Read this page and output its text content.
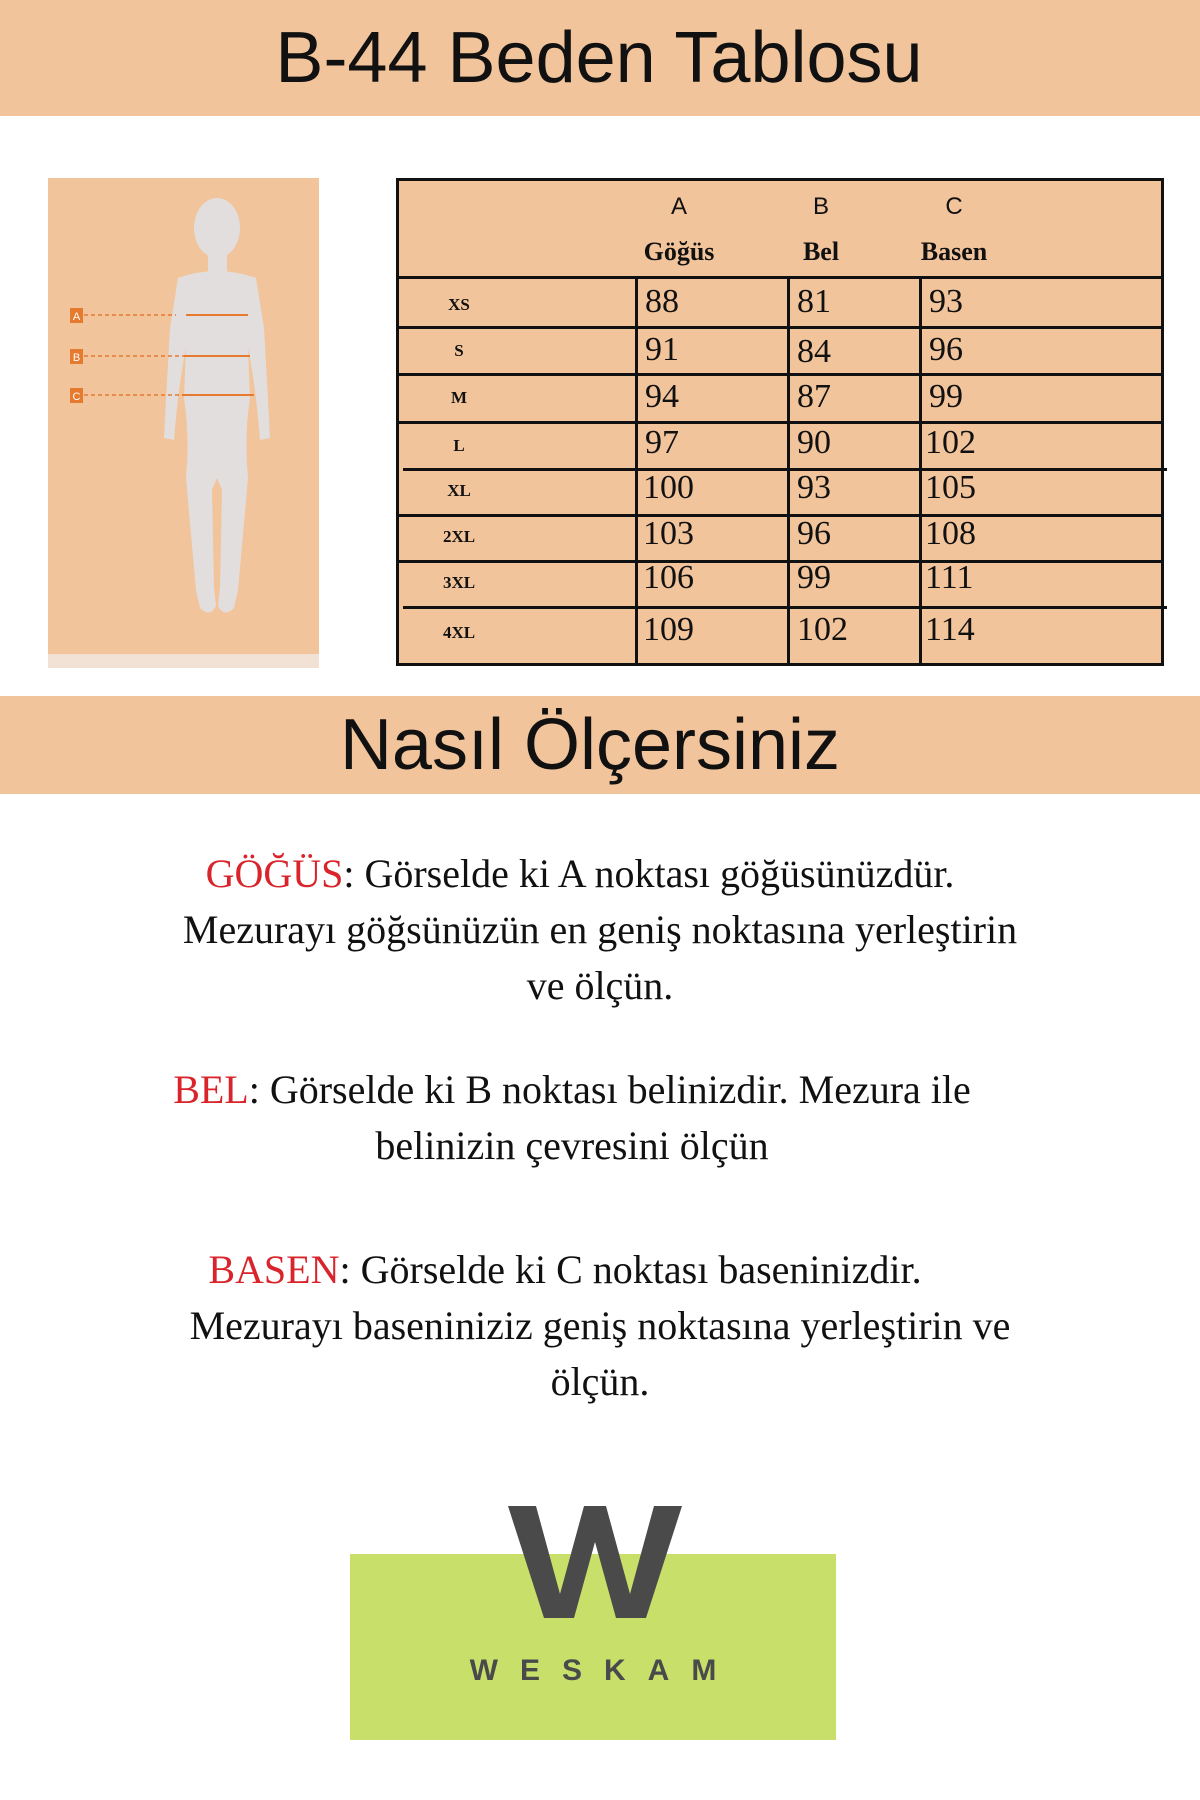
B-44 Beden Tablosu
A
B
C
A	B	C
Göğüs	Bel	Basen
XS	88	81	93
S	91	84	96
M	94	87	99
L	97	90	102
XL	100	93	105
2XL	103	96	108
3XL	106	99	111
4XL	109	102 114
Nasıl Ölçersiniz
GÖĞÜS: Görselde ki A noktası göğüsünüzdür.
Mezurayı göğsünüzün en geniş noktasına yerleştirin
ve ölçün.
BEL: Görselde ki B noktası belinizdir. Mezura ile
belinizin çevresini ölçün
BASEN: Görselde ki C noktası baseninizdir.
Mezurayı baseniniziz geniş noktasına yerleştirin ve
ölçün.
WESKAM
